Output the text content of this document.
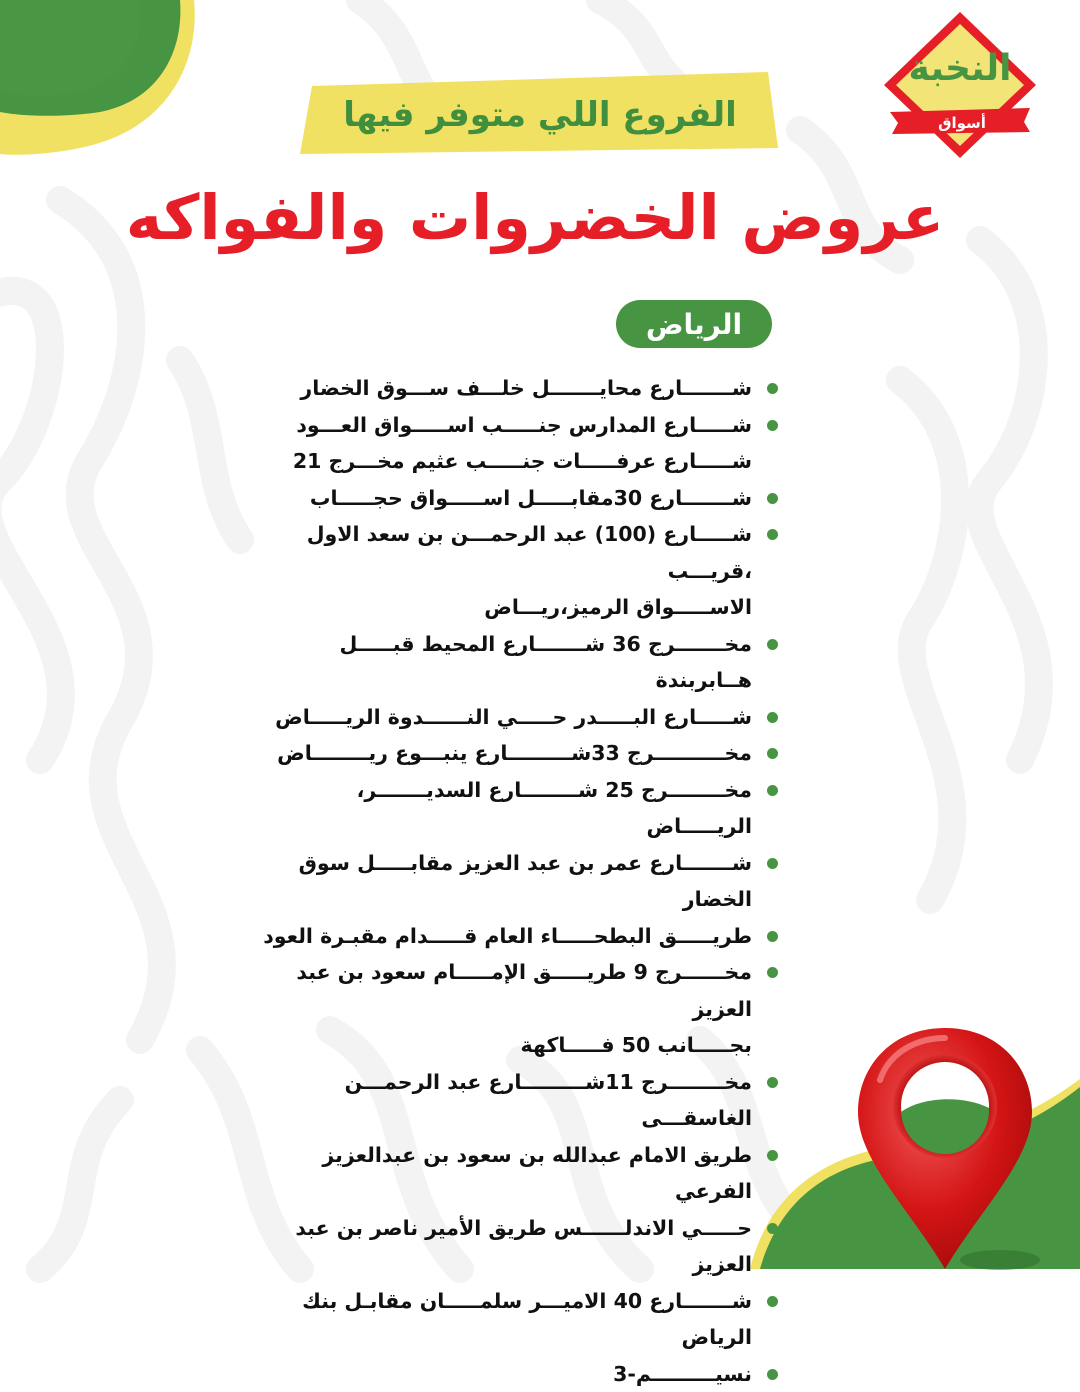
النخبة
أسواق
الفروع اللي متوفر فيها
عروض الخضروات والفواكه
الرياض
شـــــــارع محايـــــــل خلـــف ســـوق الخضار
شـــــارع المدارس جنـــــب اســـــواق العـــود
شـــــارع عرفـــــات جنـــــب عثيم مخـــرج 21
شـــــــارع 30مقابـــــل اســـــواق حجـــــاب
شـــــارع (100) عبد الرحمـــن بن سعد الاول ،قريـــب
الاســـــواق الرميز،ريـــاض
مخـــــــرج 36 شـــــــارع المحيط قبـــــل هــابربندة
شـــــارع البـــــدر حـــــي النــــــدوة الريـــــاض
مخــــــــــرج 33شـــــــــارع ينبـــوع ريــــــــاض
مخــــــــرج 25 شــــــــارع السديـــــــر، الريـــــاض
شـــــــارع عمر بن عبد العزيز مقابـــــل سوق الخضار
طريـــــق البطحـــــاء العام قـــــدام مقبـرة العود
مخــــــرج 9 طريـــــق الإمـــــام سعود بن عبد العزيز
بجـــــانب 50 فـــــاكهة
مخــــــــرج 11شـــــــــارع عبد الرحمـــن الغاسقـــى
طريق الامام عبدالله بن سعود بن عبدالعزيز الفرعي
حـــــي الاندلــــــس طريق الأمير ناصر بن عبد العزيز
شـــــــارع 40 الاميـــر سلمـــــان مقابـل بنك الرياض
نسيـــــــــم-3
